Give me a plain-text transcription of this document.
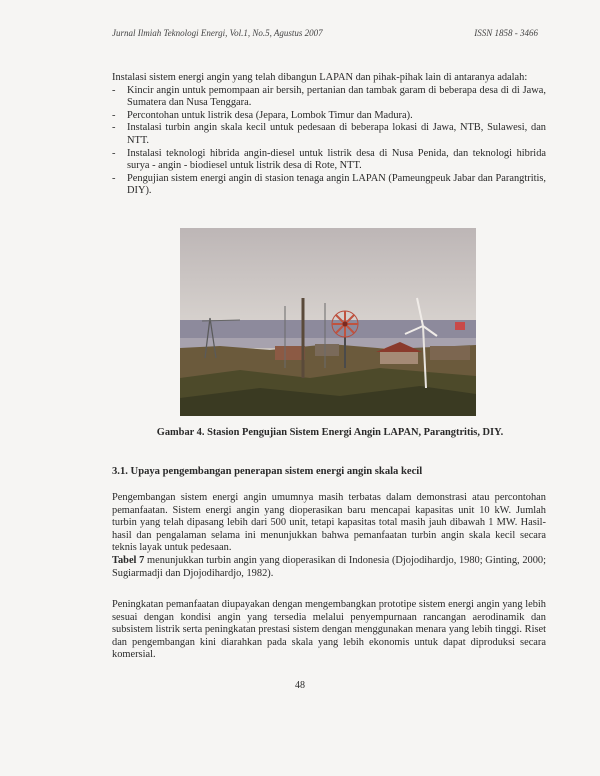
Jurnal Ilmiah Teknologi Energi, Vol.1, No.5, Agustus 2007	ISSN 1858 - 3466

Instalasi sistem energi angin yang telah dibangun LAPAN dan pihak-pihak lain di antaranya adalah:

- Kincir angin untuk pemompaan air bersih, pertanian dan tambak garam di beberapa desa di di Jawa, Sumatera dan Nusa Tenggara.
- Percontohan untuk listrik desa (Jepara, Lombok Timur dan Madura).
- Instalasi turbin angin skala kecil untuk pedesaan di beberapa lokasi di Jawa, NTB, Sulawesi, dan NTT.
- Instalasi teknologi hibrida angin-diesel untuk listrik desa di Nusa Penida, dan teknologi hibrida surya - angin - biodiesel untuk listrik desa di Rote, NTT.
- Pengujian sistem energi angin di stasion tenaga angin LAPAN (Pameungpeuk Jabar dan Parangtritis, DIY).
Gambar 4. Stasion Pengujian Sistem Energi Angin LAPAN, Parangtritis, DIY.
3.1. Upaya pengembangan penerapan sistem energi angin skala kecil

Pengembangan sistem energi angin umumnya masih terbatas dalam demonstrasi atau percontohan pemanfaatan. Sistem energi angin yang dioperasikan baru mencapai kapasitas unit 10 kW. Jumlah turbin yang telah dipasang lebih dari 500 unit, tetapi kapasitas total masih jauh dibawah 1 MW. Hasil-hasil dan pengalaman selama ini menunjukkan bahwa pemanfaatan turbin angin skala kecil secara teknis layak untuk pedesaan.

Tabel 7 menunjukkan turbin angin yang dioperasikan di Indonesia (Djojodihardjo, 1980; Ginting, 2000; Sugiarmadji dan Djojodihardjo, 1982).

Peningkatan pemanfaatan diupayakan dengan mengembangkan prototipe sistem energi angin yang lebih sesuai dengan kondisi angin yang tersedia melalui penyempurnaan rancangan aerodinamik dan subsistem listrik serta peningkatan prestasi sistem dengan menggunakan menara yang lebih tinggi. Riset dan pengembangan kini diarahkan pada skala yang lebih ekonomis untuk dapat diproduksi secara komersial.

48
